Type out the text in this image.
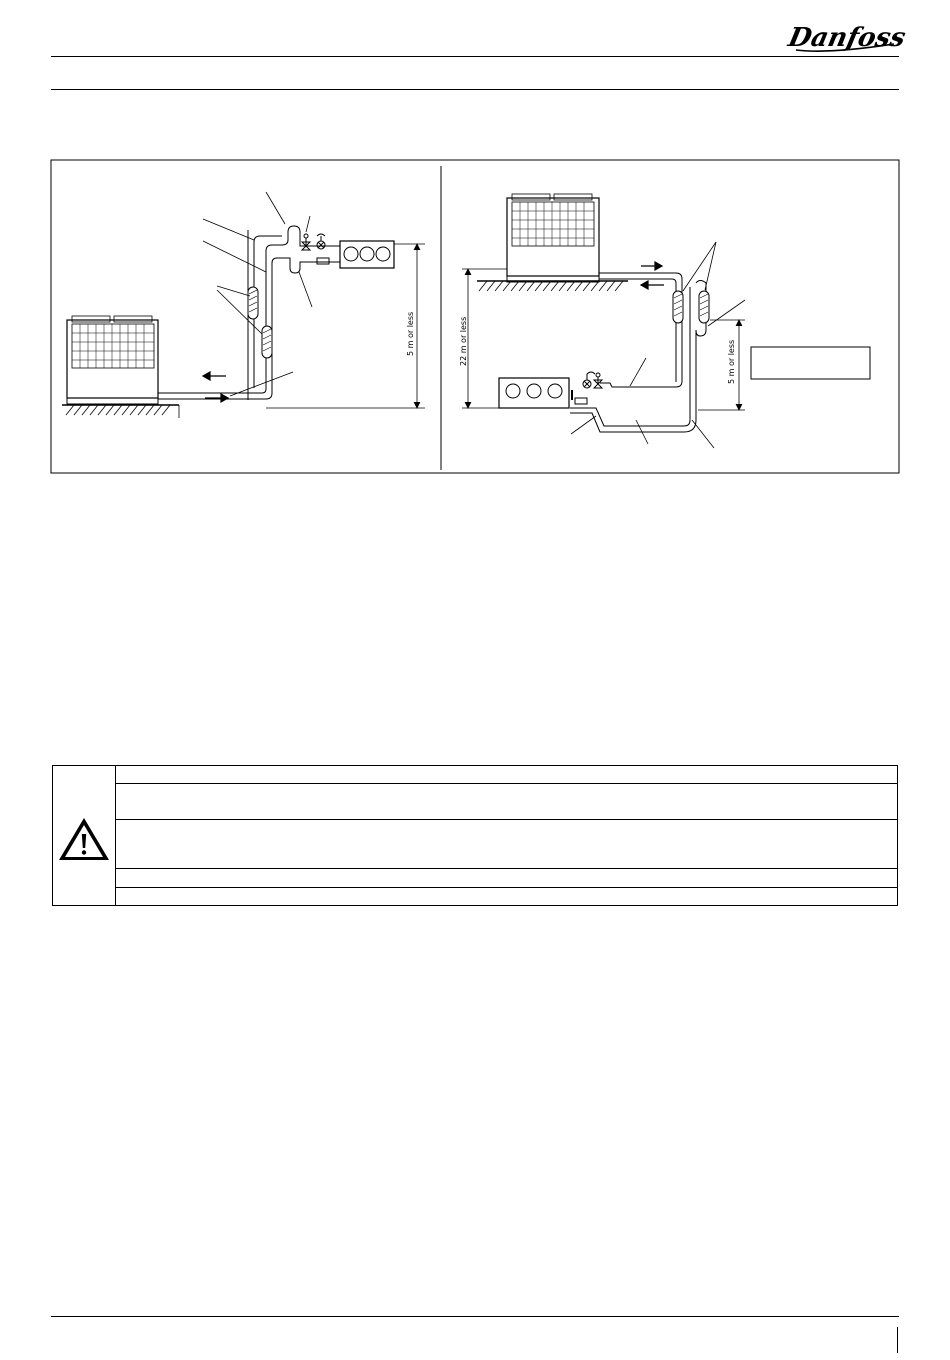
Danfoss
5 m or less	22 m or less	5 m or less
